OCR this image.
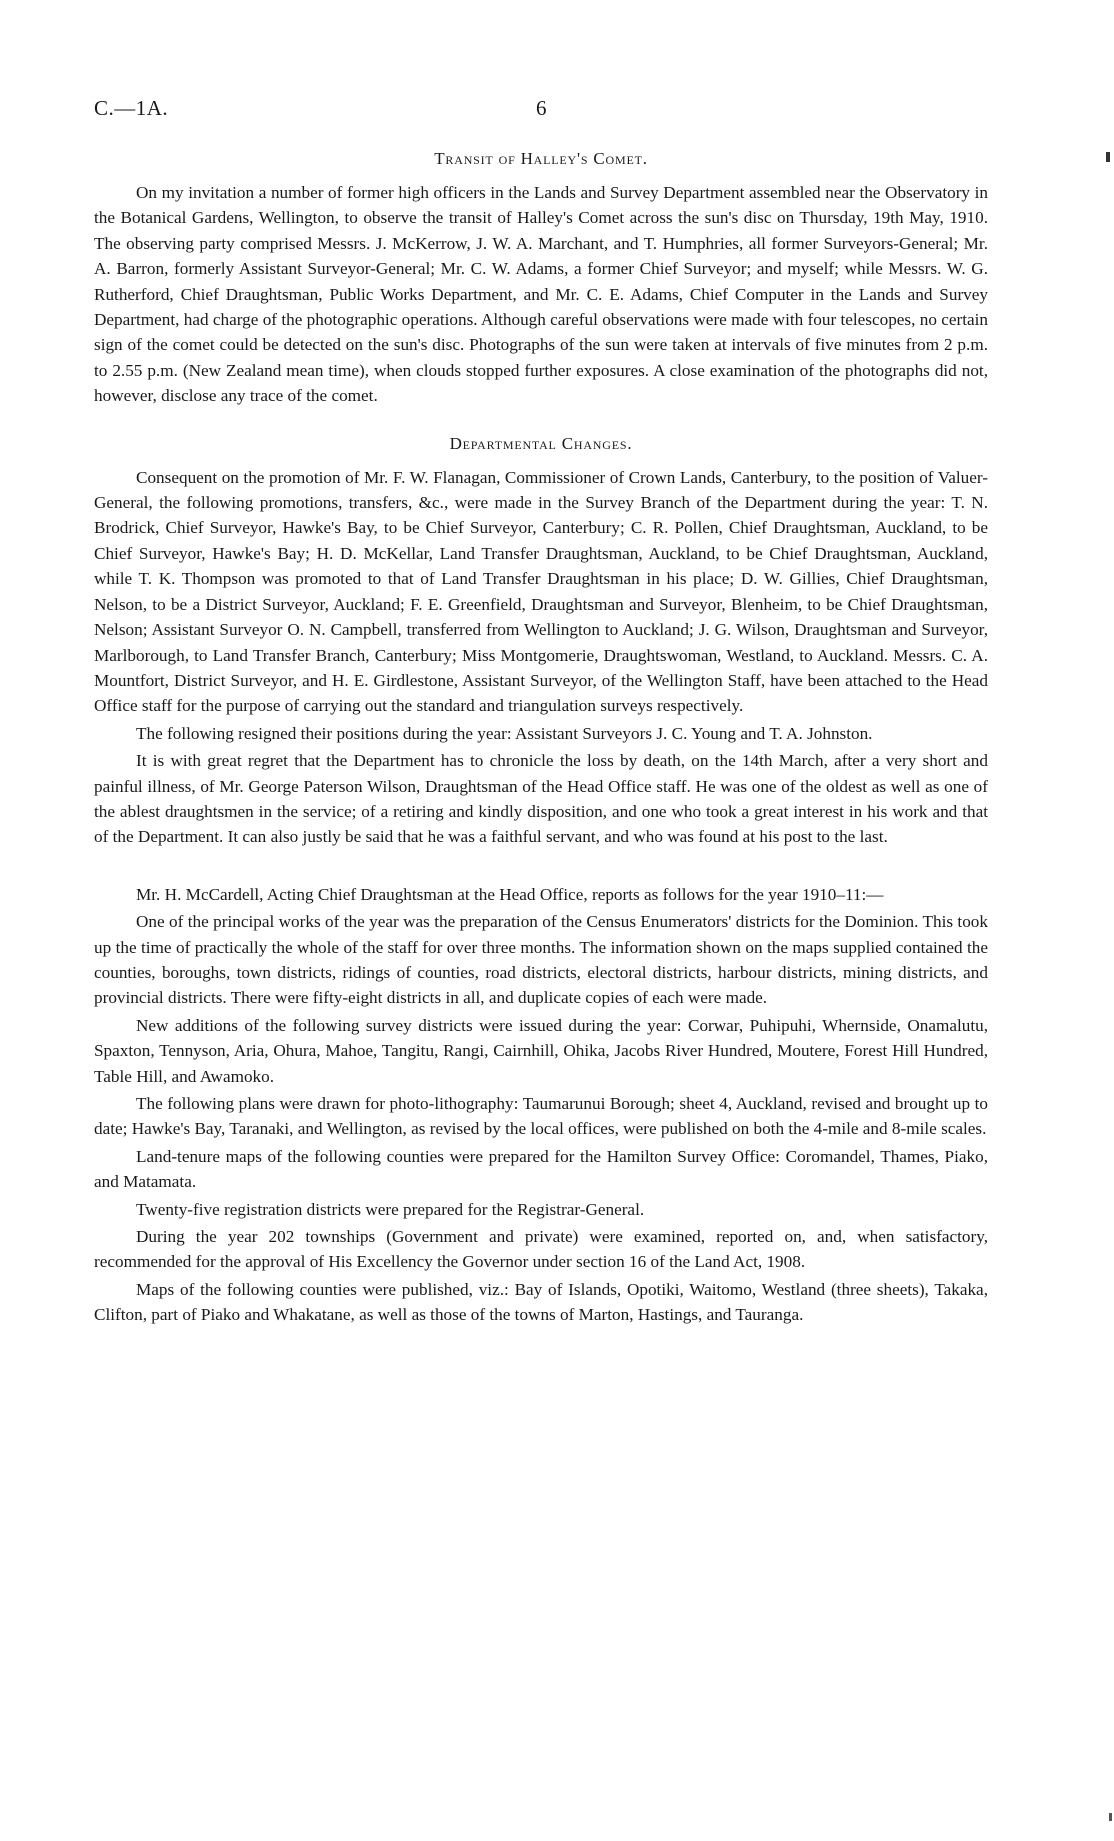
C.—1A.	6
Transit of Halley's Comet.

On my invitation a number of former high officers in the Lands and Survey Department assembled near the Observatory in the Botanical Gardens, Wellington, to observe the transit of Halley's Comet across the sun's disc on Thursday, 19th May, 1910. The observing party comprised Messrs. J. McKerrow, J. W. A. Marchant, and T. Humphries, all former Surveyors-General; Mr. A. Barron, formerly Assistant Surveyor-General; Mr. C. W. Adams, a former Chief Surveyor; and myself; while Messrs. W. G. Rutherford, Chief Draughtsman, Public Works Department, and Mr. C. E. Adams, Chief Computer in the Lands and Survey Department, had charge of the photographic operations. Although careful observations were made with four telescopes, no certain sign of the comet could be detected on the sun's disc. Photographs of the sun were taken at intervals of five minutes from 2 p.m. to 2.55 p.m. (New Zealand mean time), when clouds stopped further exposures. A close examination of the photographs did not, however, disclose any trace of the comet.

Departmental Changes.

Consequent on the promotion of Mr. F. W. Flanagan, Commissioner of Crown Lands, Canterbury, to the position of Valuer-General, the following promotions, transfers, &c., were made in the Survey Branch of the Department during the year: T. N. Brodrick, Chief Surveyor, Hawke's Bay, to be Chief Surveyor, Canterbury; C. R. Pollen, Chief Draughtsman, Auckland, to be Chief Surveyor, Hawke's Bay; H. D. McKellar, Land Transfer Draughtsman, Auckland, to be Chief Draughtsman, Auckland, while T. K. Thompson was promoted to that of Land Transfer Draughtsman in his place; D. W. Gillies, Chief Draughtsman, Nelson, to be a District Surveyor, Auckland; F. E. Greenfield, Draughtsman and Surveyor, Blenheim, to be Chief Draughtsman, Nelson; Assistant Surveyor O. N. Campbell, transferred from Wellington to Auckland; J. G. Wilson, Draughtsman and Surveyor, Marlborough, to Land Transfer Branch, Canterbury; Miss Montgomerie, Draughtswoman, Westland, to Auckland. Messrs. C. A. Mountfort, District Surveyor, and H. E. Girdlestone, Assistant Surveyor, of the Wellington Staff, have been attached to the Head Office staff for the purpose of carrying out the standard and triangulation surveys respectively.

The following resigned their positions during the year: Assistant Surveyors J. C. Young and T. A. Johnston.

It is with great regret that the Department has to chronicle the loss by death, on the 14th March, after a very short and painful illness, of Mr. George Paterson Wilson, Draughtsman of the Head Office staff. He was one of the oldest as well as one of the ablest draughtsmen in the service; of a retiring and kindly disposition, and one who took a great interest in his work and that of the Department. It can also justly be said that he was a faithful servant, and who was found at his post to the last.

Mr. H. McCardell, Acting Chief Draughtsman at the Head Office, reports as follows for the year 1910–11:—

One of the principal works of the year was the preparation of the Census Enumerators' districts for the Dominion. This took up the time of practically the whole of the staff for over three months. The information shown on the maps supplied contained the counties, boroughs, town districts, ridings of counties, road districts, electoral districts, harbour districts, mining districts, and provincial districts. There were fifty-eight districts in all, and duplicate copies of each were made.

New additions of the following survey districts were issued during the year: Corwar, Puhipuhi, Whernside, Onamalutu, Spaxton, Tennyson, Aria, Ohura, Mahoe, Tangitu, Rangi, Cairnhill, Ohika, Jacobs River Hundred, Moutere, Forest Hill Hundred, Table Hill, and Awamoko.

The following plans were drawn for photo-lithography: Taumarunui Borough; sheet 4, Auckland, revised and brought up to date; Hawke's Bay, Taranaki, and Wellington, as revised by the local offices, were published on both the 4-mile and 8-mile scales.

Land-tenure maps of the following counties were prepared for the Hamilton Survey Office: Coromandel, Thames, Piako, and Matamata.

Twenty-five registration districts were prepared for the Registrar-General.

During the year 202 townships (Government and private) were examined, reported on, and, when satisfactory, recommended for the approval of His Excellency the Governor under section 16 of the Land Act, 1908.

Maps of the following counties were published, viz.: Bay of Islands, Opotiki, Waitomo, Westland (three sheets), Takaka, Clifton, part of Piako and Whakatane, as well as those of the towns of Marton, Hastings, and Tauranga.
